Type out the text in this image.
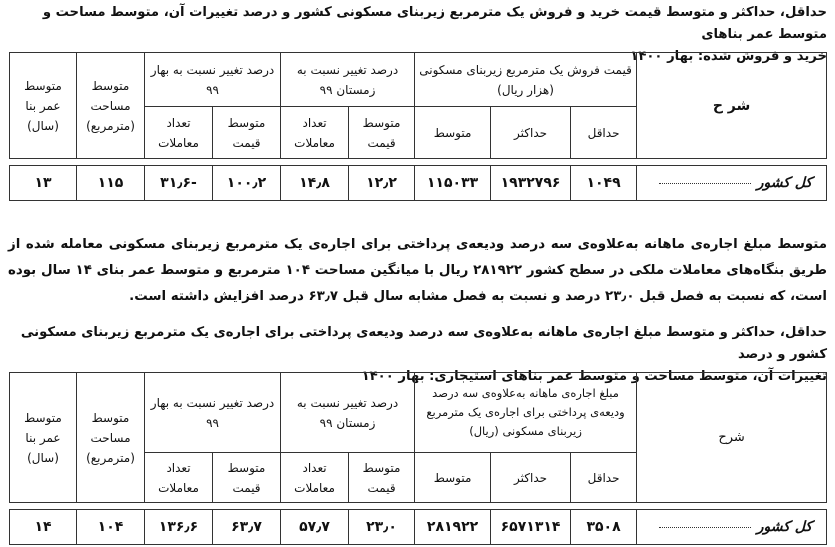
حداقل، حداکثر و متوسط قیمت خرید و فروش یک مترمربع زیربنای مسکونی کشور و درصد تغییرات آن، متوسط مساحت و متوسط عمر بناهای
خرید و فروش شده: بهار ۱۴۰۰
شر ح	قیمت فروش یک مترمربع زیربنای مسکونی (هزار ریال)			درصد تغییر نسبت به زمستان ۹۹		درصد تغییر نسبت به بهار ۹۹		متوسط مساحت (مترمربع)	متوسط عمر بنا (سال)
	حداقل	حداکثر	متوسط	متوسط قیمت	تعداد معاملات	متوسط قیمت	تعداد معاملات		

کل کشور	۱۰۴۹	۱۹۳۲۷۹۶	۱۱۵۰۳۳	۱۲٫۲	۱۴٫۸	۱۰۰٫۲	-۳۱٫۶	۱۱۵	۱۳
متوسط مبلغ اجاره‌ی ماهانه به‌علاوه‌ی سه درصد ودیعه‌ی پرداختی برای اجاره‌ی یک مترمربع زیربنای مسکونی معامله شده از طریق بنگاه‌های معاملات ملکی در سطح کشور ۲۸۱۹۲۲ ریال با میانگین مساحت ۱۰۴ مترمربع و متوسط عمر بنای ۱۴ سال بوده است، که نسبت به فصل قبل ۲۳٫۰ درصد و نسبت به فصل مشابه سال قبل ۶۳٫۷ درصد افزایش داشته است.
حداقل، حداکثر و متوسط مبلغ اجاره‌ی ماهانه به‌علاوه‌ی سه درصد ودیعه‌ی پرداختی برای اجاره‌ی یک مترمربع زیربنای مسکونی کشور و درصد
تغییرات آن، متوسط مساحت و متوسط عمر بناهای استیجاری: بهار ۱۴۰۰
شرح	مبلغ اجاره‌ی ماهانه به‌علاوه‌ی سه درصد ودیعه‌ی پرداختی برای اجاره‌ی یک مترمربع زیربنای مسکونی (ریال)			درصد تغییر نسبت به زمستان ۹۹		درصد تغییر نسبت به بهار ۹۹		متوسط مساحت (مترمربع)	متوسط عمر بنا (سال)
	حداقل	حداکثر	متوسط	متوسط قیمت	تعداد معاملات	متوسط قیمت	تعداد معاملات		

کل کشور	۳۵۰۸	۶۵۷۱۳۱۴	۲۸۱۹۲۲	۲۳٫۰	۵۷٫۷	۶۳٫۷	۱۳۶٫۶	۱۰۴	۱۴
